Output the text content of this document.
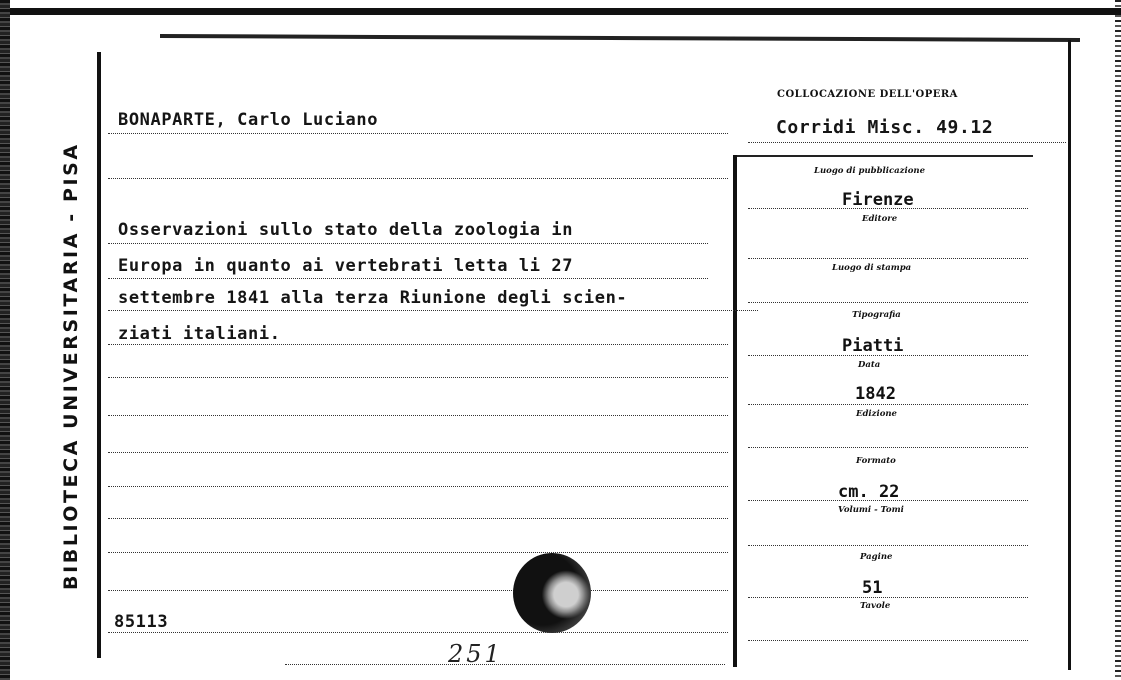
BIBLIOTECA UNIVERSITARIA - PISA
BONAPARTE, Carlo Luciano
COLLOCAZIONE DELL'OPERA
Corridi Misc. 49.12
Osservazioni sullo stato della zoologia in
Europa in quanto ai vertebrati letta li 27
settembre 1841 alla terza Riunione degli scien-
ziati italiani.
85113
251
Luogo di pubblicazione
Firenze
Editore
Luogo di stampa
Tipografia
Piatti
Data
1842
Edizione
Formato
cm. 22
Volumi - Tomi
Pagine
51
Tavole
